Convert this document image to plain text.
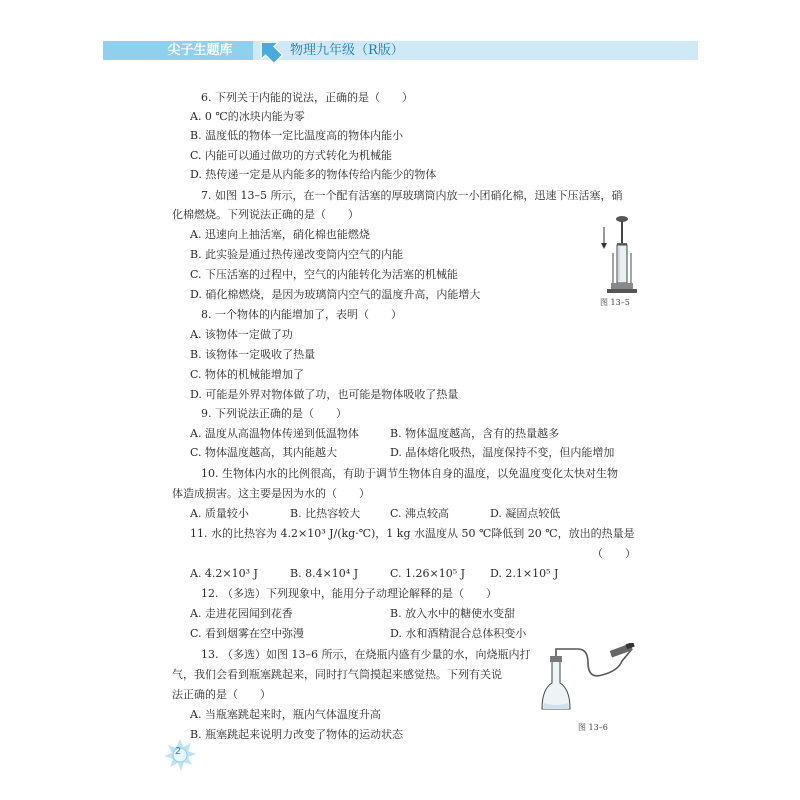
尖子生题库	物理九年级（R版）
6. 下列关于内能的说法，正确的是（　　）
A. 0 ℃的冰块内能为零
B. 温度低的物体一定比温度高的物体内能小
C. 内能可以通过做功的方式转化为机械能
D. 热传递一定是从内能多的物体传给内能少的物体
7. 如图 13–5 所示，在一个配有活塞的厚玻璃筒内放一小团硝化棉，迅速下压活塞，硝
化棉燃烧。下列说法正确的是（　　）
A. 迅速向上抽活塞，硝化棉也能燃烧
B. 此实验是通过热传递改变筒内空气的内能
C. 下压活塞的过程中，空气的内能转化为活塞的机械能
D. 硝化棉燃烧，是因为玻璃筒内空气的温度升高，内能增大
图 13–5
8. 一个物体的内能增加了，表明（　　）
A. 该物体一定做了功
B. 该物体一定吸收了热量
C. 物体的机械能增加了
D. 可能是外界对物体做了功，也可能是物体吸收了热量
9. 下列说法正确的是（　　）
A. 温度从高温物体传递到低温物体	B. 物体温度越高，含有的热量越多
C. 物体温度越高，其内能越大	D. 晶体熔化吸热，温度保持不变，但内能增加
10. 生物体内水的比例很高，有助于调节生物体自身的温度，以免温度变化太快对生物
体造成损害。这主要是因为水的（　　）
A. 质量较小	B. 比热容较大	C. 沸点较高	D. 凝固点较低
11. 水的比热容为 4.2×10³ J/(kg·℃)，1 kg 水温度从 50 ℃降低到 20 ℃，放出的热量是
（　　）
A. 4.2×10³ J	B. 8.4×10⁴ J	C. 1.26×10⁵ J D. 2.1×10⁵ J
12. （多选）下列现象中，能用分子动理论解释的是（　　）
A. 走进花园闻到花香	B. 放入水中的糖使水变甜
C. 看到烟雾在空中弥漫	D. 水和酒精混合总体积变小
13. （多选）如图 13–6 所示，在烧瓶内盛有少量的水，向烧瓶内打
气，我们会看到瓶塞跳起来，同时打气筒摸起来感觉热。下列有关说
法正确的是（　　）
A. 当瓶塞跳起来时，瓶内气体温度升高
B. 瓶塞跳起来说明力改变了物体的运动状态
图 13–6
2
